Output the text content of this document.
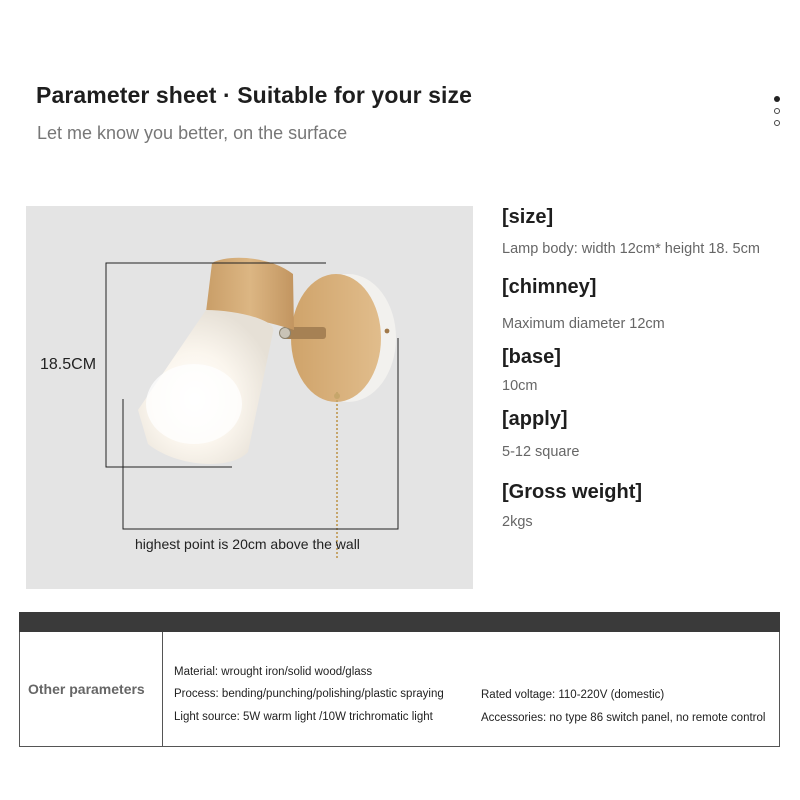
Parameter sheet · Suitable for your size
Let me know you better, on the surface
18.5CM
highest point is 20cm above the wall
[size]
Lamp body: width 12cm* height 18. 5cm
[chimney]
Maximum diameter 12cm
[base]
10cm
[apply]
5-12 square
[Gross weight]
2kgs
Other parameters
Material: wrought iron/solid wood/glass
Process: bending/punching/polishing/plastic spraying
Light source: 5W warm light /10W trichromatic light
Rated voltage: 110-220V (domestic)
Accessories: no type 86 switch panel, no remote control
